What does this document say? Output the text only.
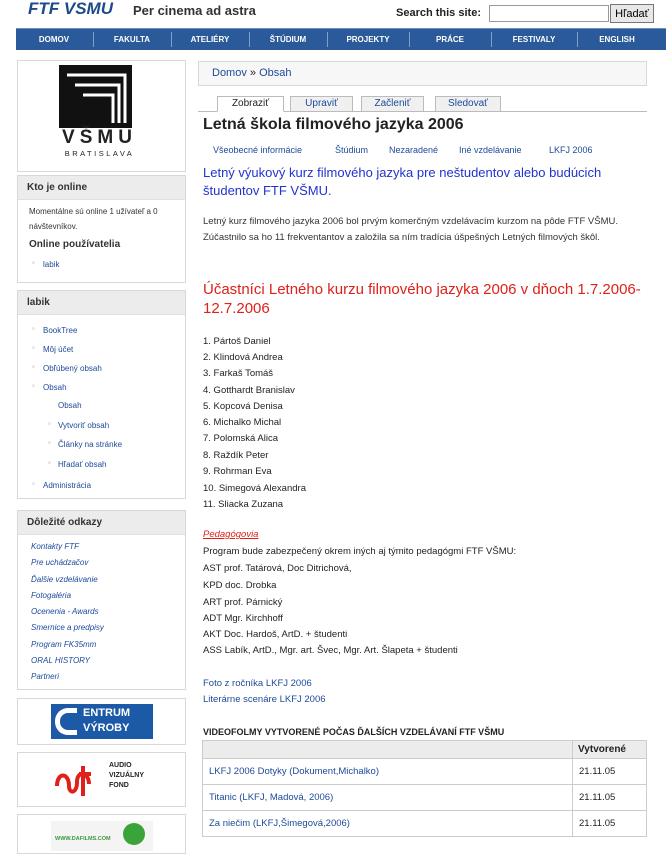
FTF VSMU Per cinema ad astra	Search this site:	Hľadať
DOMOV	FAKULTA	ATELIÉRY	ŠTÚDIUM	PROJEKTY	PRÁCE	FESTIVALY	ENGLISH
VŠMU
BRATISLAVA
Kto je online
Momentálne sú online 1 užívateľ a 0 návštevníkov.
Online používatelia
◦ labik
labik
◦ BookTree
◦ Môj účet
◦ Obľúbený obsah
◦ Obsah
Obsah
◦ Vytvoriť obsah
◦ Články na stránke
◦ Hľadať obsah
◦ Administrácia
Dôležité odkazy
Kontakty FTF
Pre uchádzačov
Ďalšie vzdelávanie
Fotogaléria
Ocenenia - Awards
Smernice a predpisy
Program FK35mm
ORAL HISTORY
Partneri
ENTRUM
VÝROBY
AUDIO
VIZUÁLNY
FOND
WWW.DAFILMS.COM
Domov » Obsah
Zobraziť	Upraviť	Začleniť	Sledovať
Letná škola filmového jazyka 2006
Všeobecné informácie	Štúdium Nezaradené Iné vzdelávanie	LKFJ 2006
Letný výukový kurz filmového jazyka pre neštudentov alebo budúcich študentov FTF VŠMU.
Letný kurz filmového jazyka 2006 bol prvým komerčným vzdelávacím kurzom na pôde FTF VŠMU. Zúčastnilo sa ho 11 frekventantov a založila sa ním tradícia úšpešných Letných filmových škôl.
Účastníci Letného kurzu filmového jazyka 2006 v dňoch 1.7.2006-12.7.2006
1. Pártoš Daniel
2. Klindová Andrea
3. Farkaš Tomáš
4. Gotthardt Branislav
5. Kopcová Denisa
6. Michalko Michal
7. Polomská Alica
8. Raždík Peter
9. Rohrman Eva
10. Simegová Alexandra
11. Sliacka Zuzana
Pedagógovia
Program bude zabezpečený okrem iných aj týmito pedagógmi FTF VŠMU:
AST prof. Tatárová, Doc Ditrichová,
KPD doc. Drobka
ART prof. Párnický
ADT Mgr. Kirchhoff
AKT Doc. Hardoš, ArtD. + študenti
ASS Labík, ArtD., Mgr. art. Švec, Mgr. Art. Šlapeta + študenti
Foto z ročníka LKFJ 2006
Literárne scenáre LKFJ 2006
VIDEOFOLMY VYTVORENÉ POČAS ĎALŠÍCH VZDELÁVANÍ FTF VŠMU
	Vytvorené
LKFJ 2006 Dotyky (Dokument,Michalko)	21.11.05
Titanic (LKFJ, Madová, 2006)	21.11.05
Za niečim (LKFJ,Šimegová,2006)	21.11.05
